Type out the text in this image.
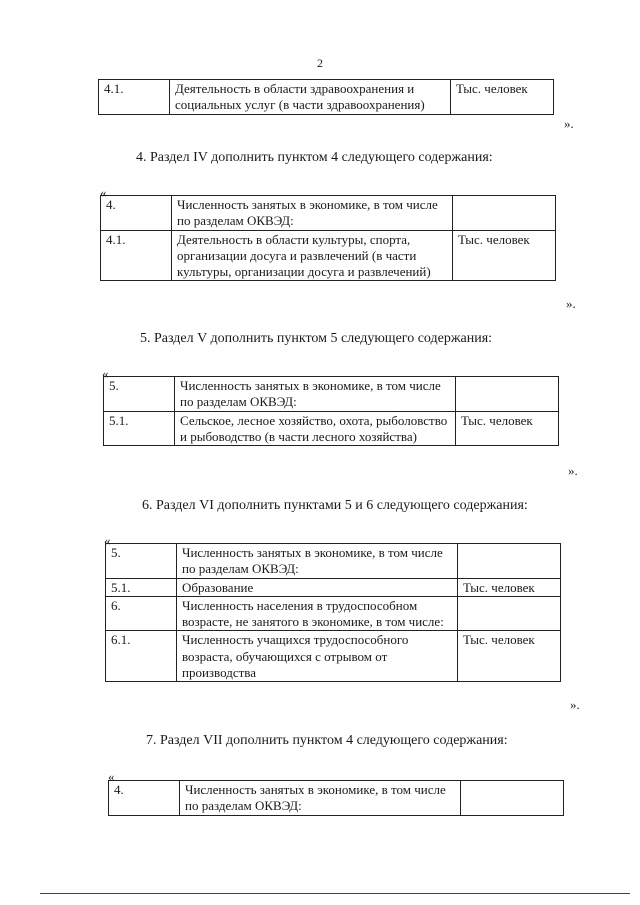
2
4.1.	Деятельность в области здравоохранения и социальных услуг (в части здравоохранения)	Тыс. человек
».
4. Раздел IV дополнить пунктом 4 следующего содержания:
«
4.	Численность занятых в экономике, в том числе по разделам ОКВЭД:	
4.1.	Деятельность в области культуры, спорта, организации досуга и развлечений (в части культуры, организации досуга и развлечений)	Тыс. человек
».
5. Раздел V дополнить пунктом 5 следующего содержания:
«
5.	Численность занятых в экономике, в том числе по разделам ОКВЭД:	
5.1.	Сельское, лесное хозяйство, охота, рыболовство и рыбоводство (в части лесного хозяйства)	Тыс. человек
».
6. Раздел VI дополнить пунктами 5 и 6 следующего содержания:
«
5.	Численность занятых в экономике, в том числе по разделам ОКВЭД:	
5.1.	Образование	Тыс. человек
6.	Численность населения в трудоспособном возрасте, не занятого в экономике, в том числе:	
6.1.	Численность учащихся трудоспособного возраста, обучающихся с отрывом от производства	Тыс. человек
».
7. Раздел VII дополнить пунктом 4 следующего содержания:
«
4.	Численность занятых в экономике, в том числе по разделам ОКВЭД:	
